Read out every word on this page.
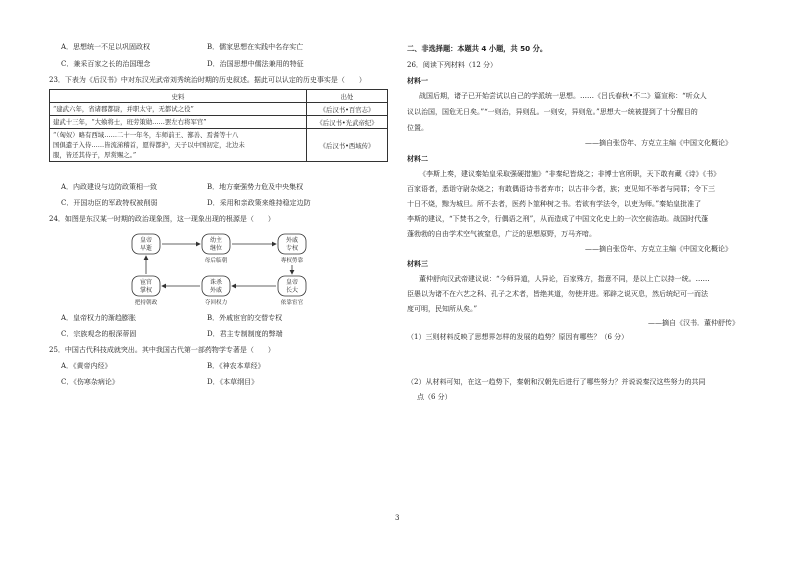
A．思想统一不足以巩固政权	B．儒家思想在实践中名存实亡
C．兼采百家之长的治国理念	D．治国思想中儒法兼用的特征
23．下表为《后汉书》中对东汉光武帝刘秀统治时期的历史叙述。据此可以认定的历史事实是（　　）
史料	出处

“建武六年，省诸郡都尉，并职太守，无都试之役”	《后汉书•百官志》

建武十三年，“大飨将士，班劳策勋……罢左右将军官”	《后汉书•光武帝纪》

“（匈奴）略有西域……二十一年冬，车师前王、鄯善、焉耆等十八
国俱遣子入侍……皆流涕稽首，愿得都护，天子以中国初定，北边未
服，皆还其侍子，厚赏赐之。”	《后汉书•西域传》
A．内政建设与边防政策相一致	B．地方豪强势力危及中央集权
C．开国功臣的军政特权被削弱	D．采用和亲政策来维持稳定边防
24．如图是东汉某一时期的政治现象图，这一现象出现的根源是（　　）
皇帝
早逝
幼主
继位
母后临朝
外戚
专权
專权勞靠
宦官
掌权
把持朝政
诛杀
外戚
夺回权力
皇帝
长大
依靠宦官
A．皇帝权力的渐趋膨胀	B．外戚宦官的交替专权
C．宗族观念的根深蒂固	D．君主专制制度的弊端
25．中国古代科技成就突出。其中我国古代第一部药物学专著是（　　）
A．《黄帝内经》	B．《神农本草经》
C．《伤寒杂病论》	D．《本草纲目》
二、非选择题：本题共 4 小题，共 50 分。
26．阅读下列材料（12 分）
材料一
战国后期，诸子已开始尝试以自己的学派统一思想。……《吕氏春秋•不二》篇宣称：“听众人
议以治国，国危无日矣。”“一则治，异则乱。一则安，异则危。”思想大一统被提到了十分醒目的
位置。
——摘自张岱年、方克立主编《中国文化概论》
材料二
《李斯上奏，建议秦始皇采取强硬措施》“非秦纪皆烧之；非博士官所职，天下敢有藏《诗》《书》
百家语者，悉诣守尉杂烧之；有敢偶语诗书者弃市；以古非今者，族；吏见知不举者与同罪；令下三
十日不烧，黥为城旦。所不去者，医药卜筮种树之书。若欲有学法令，以吏为师。”秦始皇批准了
李斯的建议，“下焚书之令，行偶语之刑”，从而造成了中国文化史上的一次空前浩劫。战国时代蓬
蓬勃勃的自由学术空气被窒息，广泛的思想原野，万马齐喑。
——摘自张岱年、方克立主编《中国文化概论》
材料三
董仲舒向汉武帝建议说：“今师异道，人异论，百家殊方，指意不同，是以上亡以持一统。……
臣愚以为诸不在六艺之科、孔子之术者，皆绝其道，勿使并进。邪辟之说灭息，然后统纪可一而法
度可明，民知所从矣。”
——摘自《汉书．董仲舒传》
（1）三则材料反映了思想界怎样的发展的趋势？原因有哪些？（6 分）
（2）从材料可知，在这一趋势下，秦朝和汉朝先后进行了哪些努力？并说说秦汉这些努力的共同
点（6 分）
3
